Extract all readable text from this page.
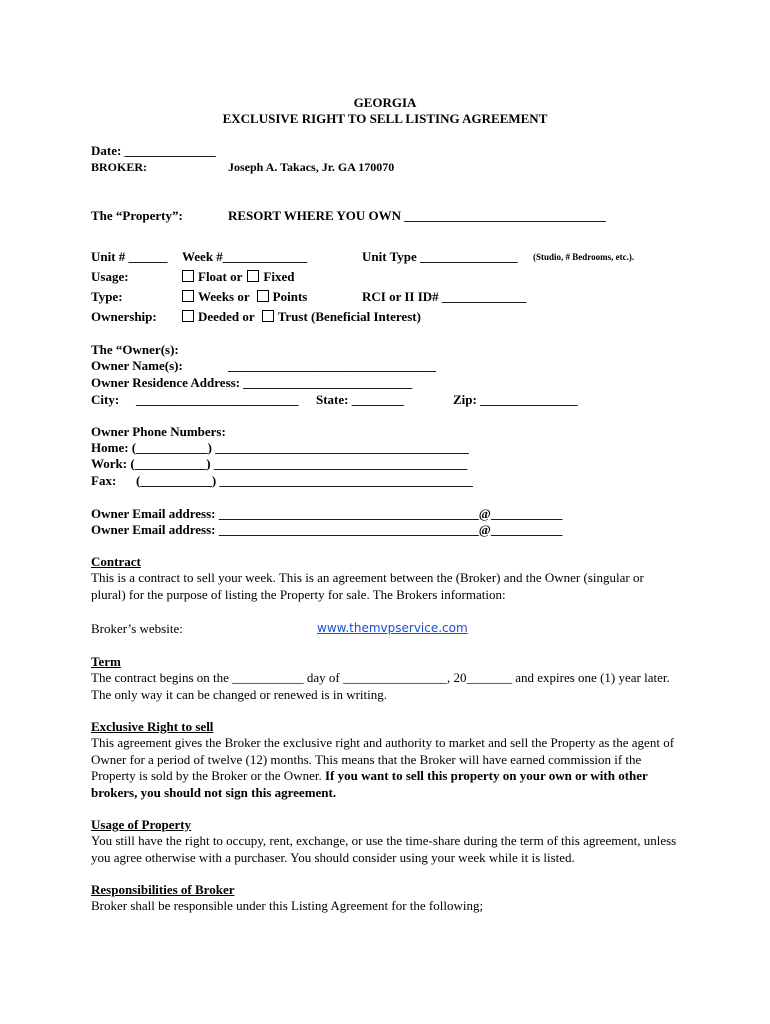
GEORGIA
EXCLUSIVE RIGHT TO SELL LISTING AGREEMENT
Date: ______________
BROKER:	Joseph A. Takacs, Jr. GA 170070
The “Property”:	RESORT WHERE YOU OWN _______________________________
Unit # ______ Week #_____________	Unit Type _______________ (Studio, # Bedrooms, etc.).
Usage:	Float or Fixed
Type:	Weeks or Points	RCI or II ID# _____________
Ownership:	Deeded or Trust (Beneficial Interest)
The “Owner(s):
Owner Name(s):	________________________________
Owner Residence Address: __________________________
City: _________________________ State: ________	Zip: _______________
Owner Phone Numbers:
Home: (___________) _______________________________________
Work: (___________) _______________________________________
Fax: (___________) _______________________________________
Owner Email address: ________________________________________@___________
Owner Email address: ________________________________________@___________
Contract
This is a contract to sell your week. This is an agreement between the (Broker) and the Owner (singular or plural) for the purpose of listing the Property for sale. The Brokers information:
Broker’s website:	www.themvpservice.com
Term
The contract begins on the ___________ day of ________________, 20_______ and expires one (1) year later. The only way it can be changed or renewed is in writing.
Exclusive Right to sell
This agreement gives the Broker the exclusive right and authority to market and sell the Property as the agent of Owner for a period of twelve (12) months. This means that the Broker will have earned commission if the Property is sold by the Broker or the Owner. If you want to sell this property on your own or with other brokers, you should not sign this agreement.
Usage of Property
You still have the right to occupy, rent, exchange, or use the time-share during the term of this agreement, unless you agree otherwise with a purchaser. You should consider using your week while it is listed.
Responsibilities of Broker
Broker shall be responsible under this Listing Agreement for the following;
